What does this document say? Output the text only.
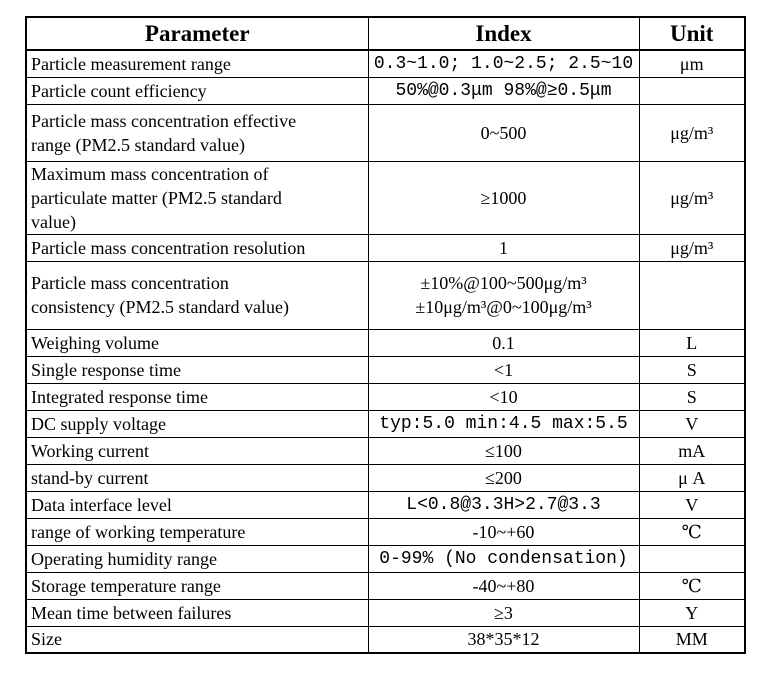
Parameter	Index	Unit

Particle measurement range	0.3~1.0; 1.0~2.5; 2.5~10	μm

Particle count efficiency	50%@0.3μm 98%@≥0.5μm	

Particle mass concentration effective
range (PM2.5 standard value)	0~500	μg/m³

Maximum mass concentration of
particulate matter (PM2.5 standard
value)	≥1000	μg/m³

Particle mass concentration resolution	1	μg/m³

Particle mass concentration
consistency (PM2.5 standard value)	±10%@100~500μg/m³
±10μg/m³@0~100μg/m³	

Weighing volume	0.1	L

Single response time	<1	S

Integrated response time	<10	S

DC supply voltage	typ:5.0 min:4.5 max:5.5	V

Working current	≤100	mA

stand-by current	≤200	μ A

Data interface level	L<0.8@3.3H>2.7@3.3	V

range of working temperature	-10~+60	℃

Operating humidity range	0-99% (No condensation)	

Storage temperature range	-40~+80	℃

Mean time between failures	≥3	Y

Size	38*35*12	MM
